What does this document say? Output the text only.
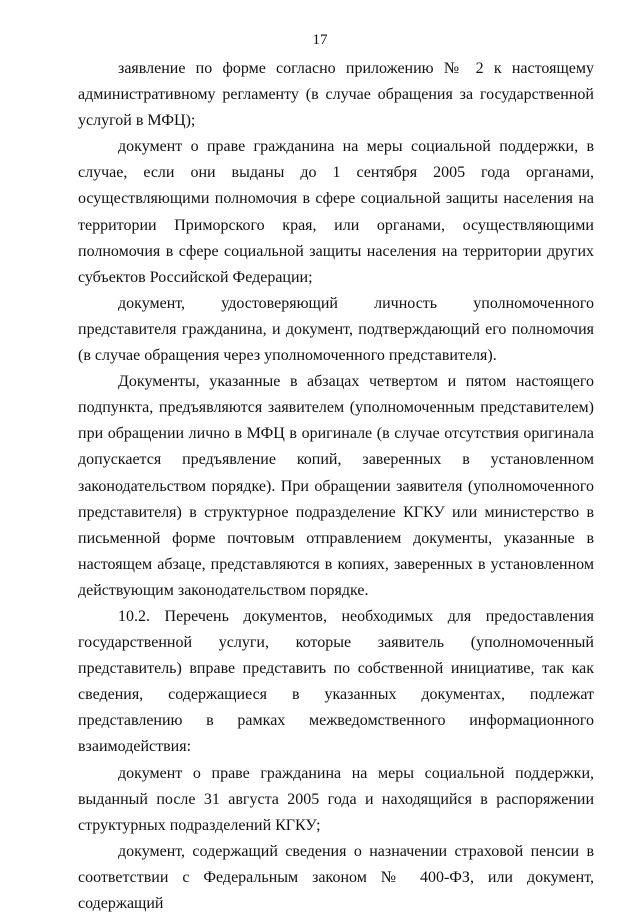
17

заявление по форме согласно приложению № 2 к настоящему административному регламенту (в случае обращения за государственной услугой в МФЦ);

документ о праве гражданина на меры социальной поддержки, в случае, если они выданы до 1 сентября 2005 года органами, осуществляющими полномочия в сфере социальной защиты населения на территории Приморского края, или органами, осуществляющими полномочия в сфере социальной защиты населения на территории других субъектов Российской Федерации;

документ, удостоверяющий личность уполномоченного представителя гражданина, и документ, подтверждающий его полномочия (в случае обращения через уполномоченного представителя).

Документы, указанные в абзацах четвертом и пятом настоящего подпункта, предъявляются заявителем (уполномоченным представителем) при обращении лично в МФЦ в оригинале (в случае отсутствия оригинала допускается предъявление копий, заверенных в установленном законодательством порядке). При обращении заявителя (уполномоченного представителя) в структурное подразделение КГКУ или министерство в письменной форме почтовым отправлением документы, указанные в настоящем абзаце, представляются в копиях, заверенных в установленном действующим законодательством порядке.

10.2. Перечень документов, необходимых для предоставления государственной услуги, которые заявитель (уполномоченный представитель) вправе представить по собственной инициативе, так как сведения, содержащиеся в указанных документах, подлежат представлению в рамках межведомственного информационного взаимодействия:

документ о праве гражданина на меры социальной поддержки, выданный после 31 августа 2005 года и находящийся в распоряжении структурных подразделений КГКУ;

документ, содержащий сведения о назначении страховой пенсии в соответствии с Федеральным законом № 400-ФЗ, или документ, содержащий
